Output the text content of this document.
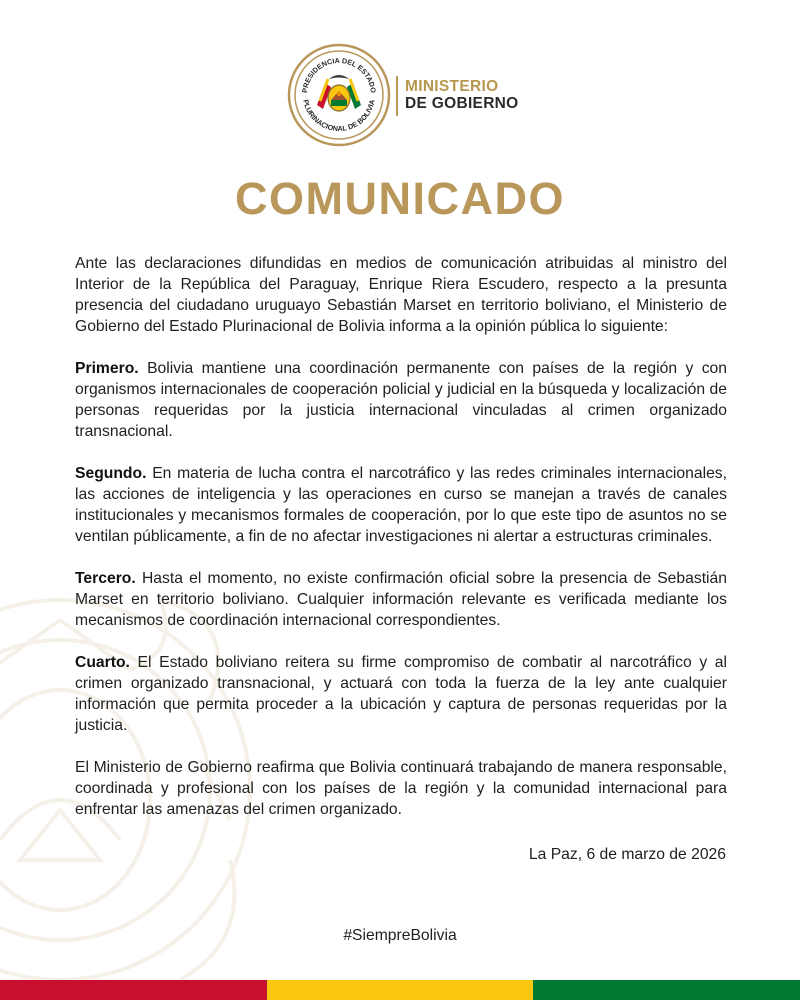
PRESIDENCIA DEL ESTADO
PLURINACIONAL DE BOLIVIA
MINISTERIO
DE GOBIERNO
COMUNICADO

Ante las declaraciones difundidas en medios de comunicación atribuidas al ministro del Interior de la República del Paraguay, Enrique Riera Escudero, respecto a la presunta presencia del ciudadano uruguayo Sebastián Marset en territorio boliviano, el Ministerio de Gobierno del Estado Plurinacional de Bolivia informa a la opinión pública lo siguiente:

Primero. Bolivia mantiene una coordinación permanente con países de la región y con organismos internacionales de cooperación policial y judicial en la búsqueda y localización de personas requeridas por la justicia internacional vinculadas al crimen organizado transnacional.

Segundo. En materia de lucha contra el narcotráfico y las redes criminales internacionales, las acciones de inteligencia y las operaciones en curso se manejan a través de canales institucionales y mecanismos formales de cooperación, por lo que este tipo de asuntos no se ventilan públicamente, a fin de no afectar investigaciones ni alertar a estructuras criminales.

Tercero. Hasta el momento, no existe confirmación oficial sobre la presencia de Sebastián Marset en territorio boliviano. Cualquier información relevante es verificada mediante los mecanismos de coordinación internacional correspondientes.

Cuarto. El Estado boliviano reitera su firme compromiso de combatir al narcotráfico y al crimen organizado transnacional, y actuará con toda la fuerza de la ley ante cualquier información que permita proceder a la ubicación y captura de personas requeridas por la justicia.

El Ministerio de Gobierno reafirma que Bolivia continuará trabajando de manera responsable, coordinada y profesional con los países de la región y la comunidad internacional para enfrentar las amenazas del crimen organizado.

La Paz, 6 de marzo de 2026
#SiempreBolivia
